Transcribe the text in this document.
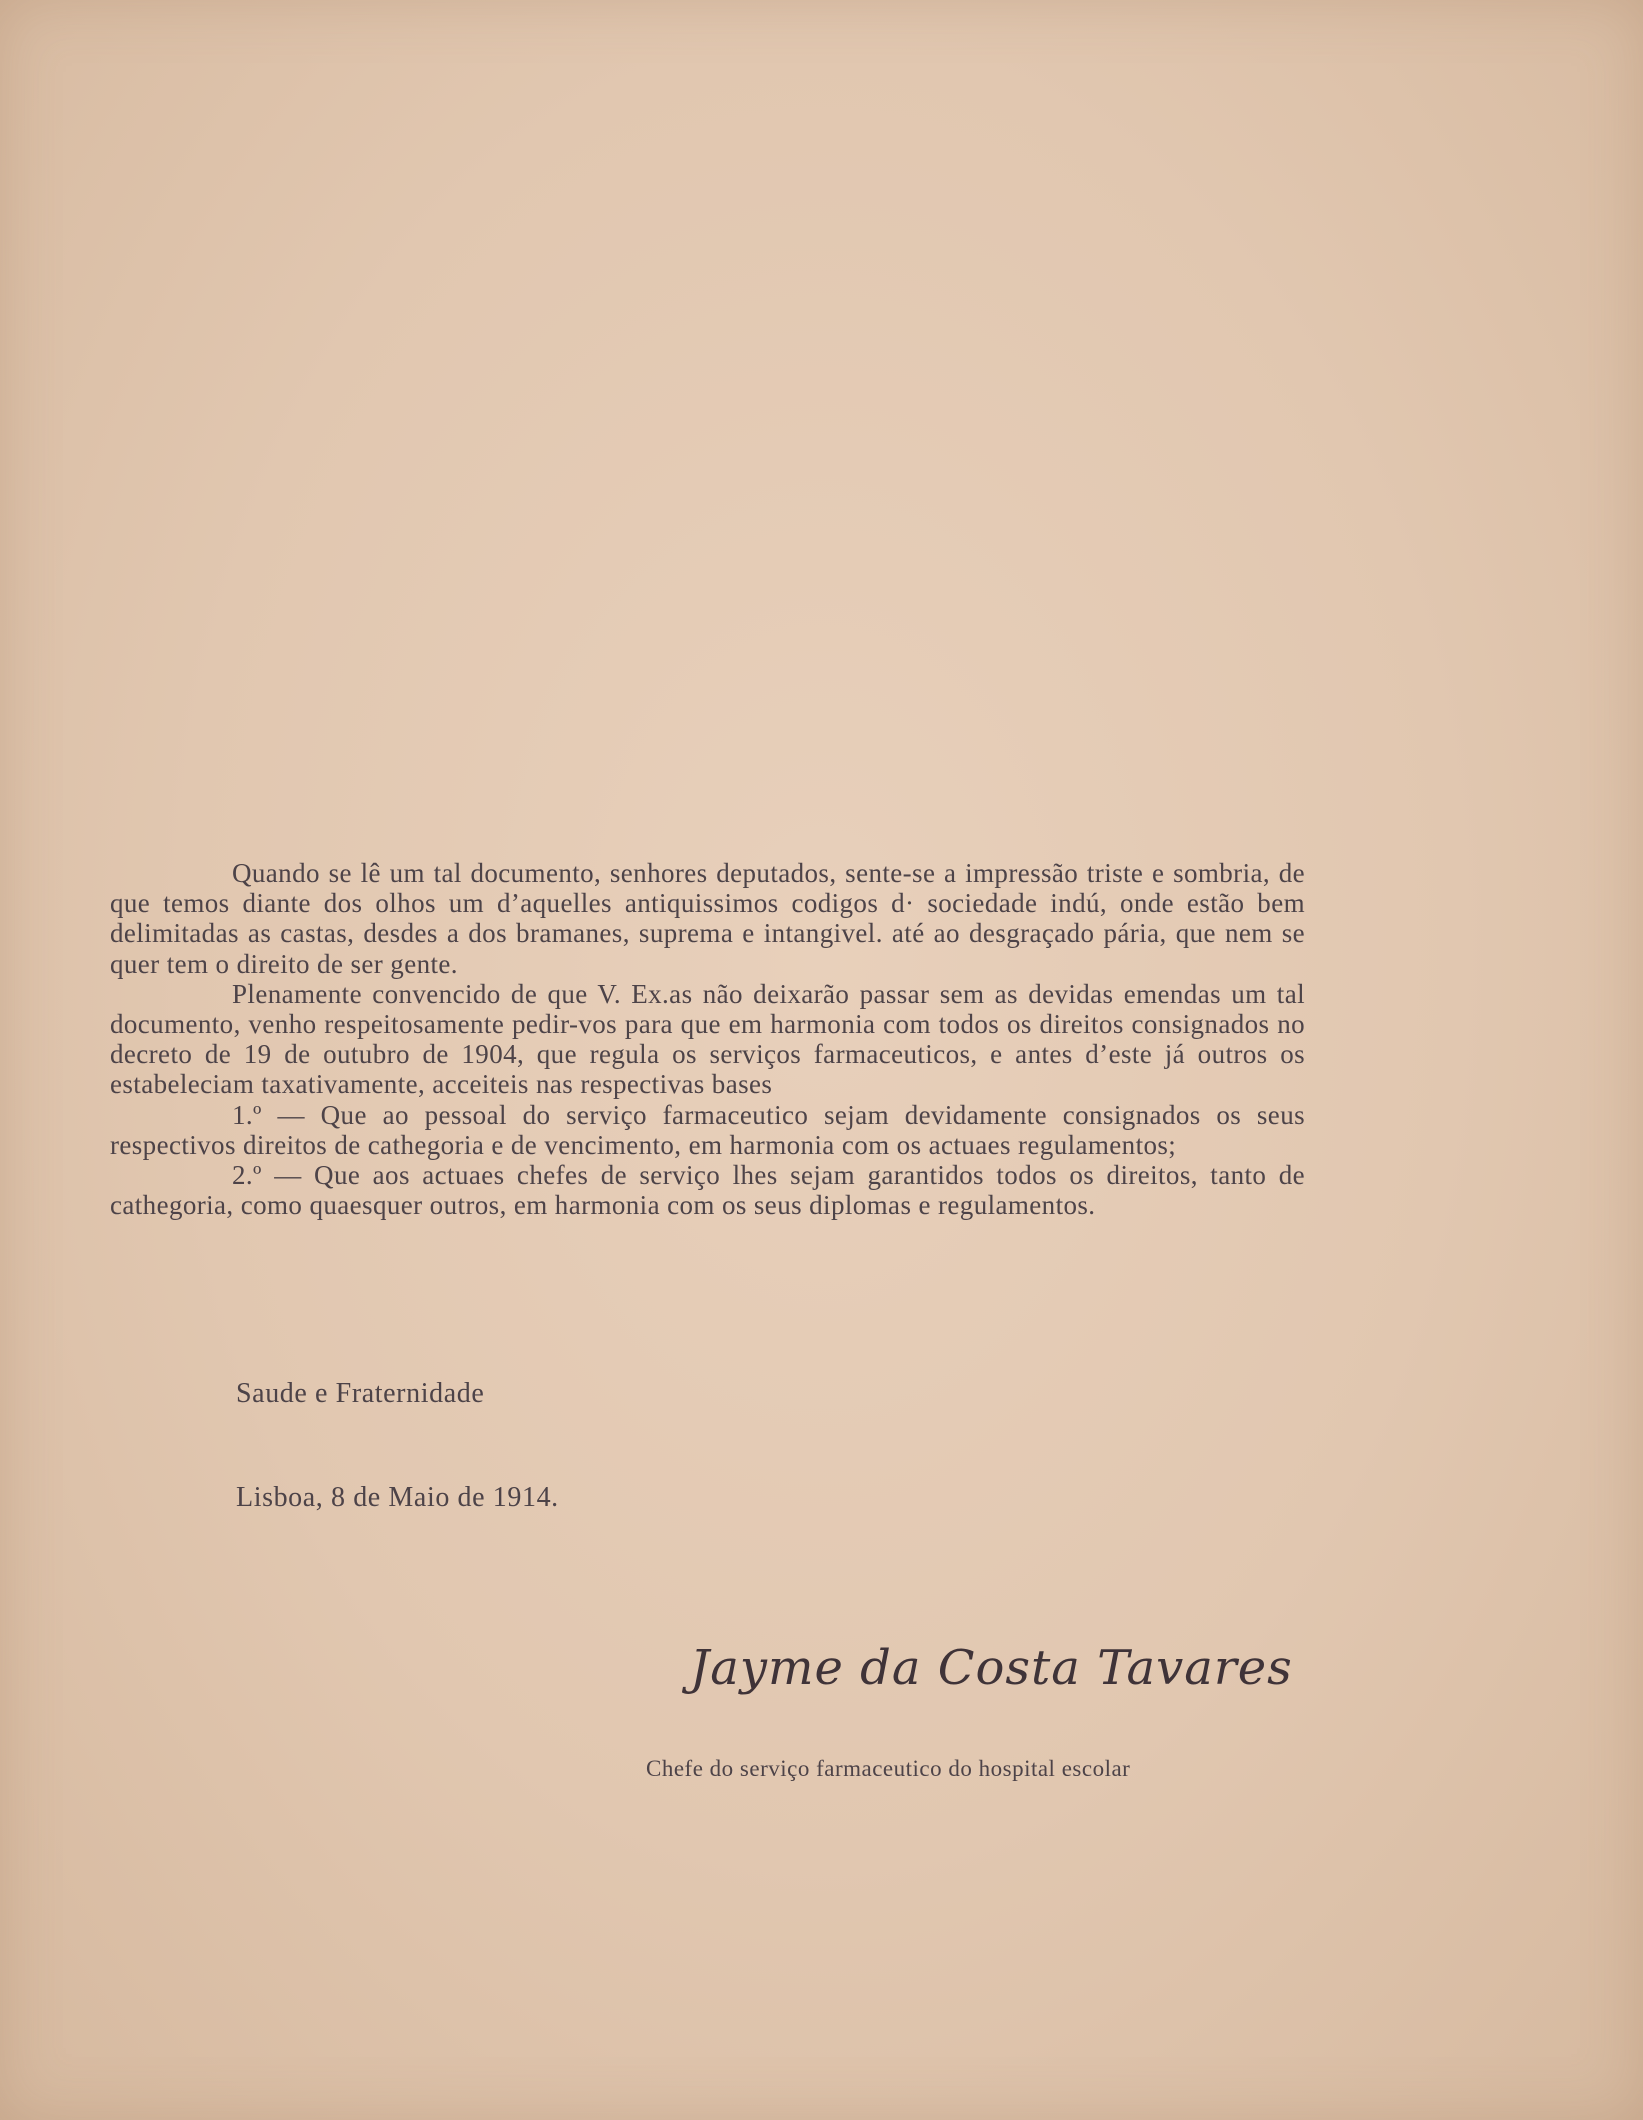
Quando se lê um tal documento, senhores deputados, sente-se a impressão triste e sombria, de que temos diante dos olhos um d’aquelles antiquissimos codigos d· sociedade indú, onde estão bem delimitadas as castas, desdes a dos bramanes, suprema e intangivel. até ao desgraçado pária, que nem se quer tem o direito de ser gente.

Plenamente convencido de que V. Ex.as não deixarão passar sem as devidas emendas um tal documento, venho respeitosamente pedir-vos para que em harmonia com todos os direitos consignados no decreto de 19 de outubro de 1904, que regula os serviços farmaceuticos, e antes d’este já outros os estabeleciam taxativamente, acceiteis nas respectivas bases

1.º — Que ao pessoal do serviço farmaceutico sejam devidamente consignados os seus respectivos direitos de cathegoria e de vencimento, em harmonia com os actuaes regulamentos;

2.º — Que aos actuaes chefes de serviço lhes sejam garantidos todos os direitos, tanto de cathegoria, como quaesquer outros, em harmonia com os seus diplomas e regulamentos.

Saude e Fraternidade
Lisboa, 8 de Maio de 1914.
Jayme da Costa Tavares
Chefe do serviço farmaceutico do hospital escolar
